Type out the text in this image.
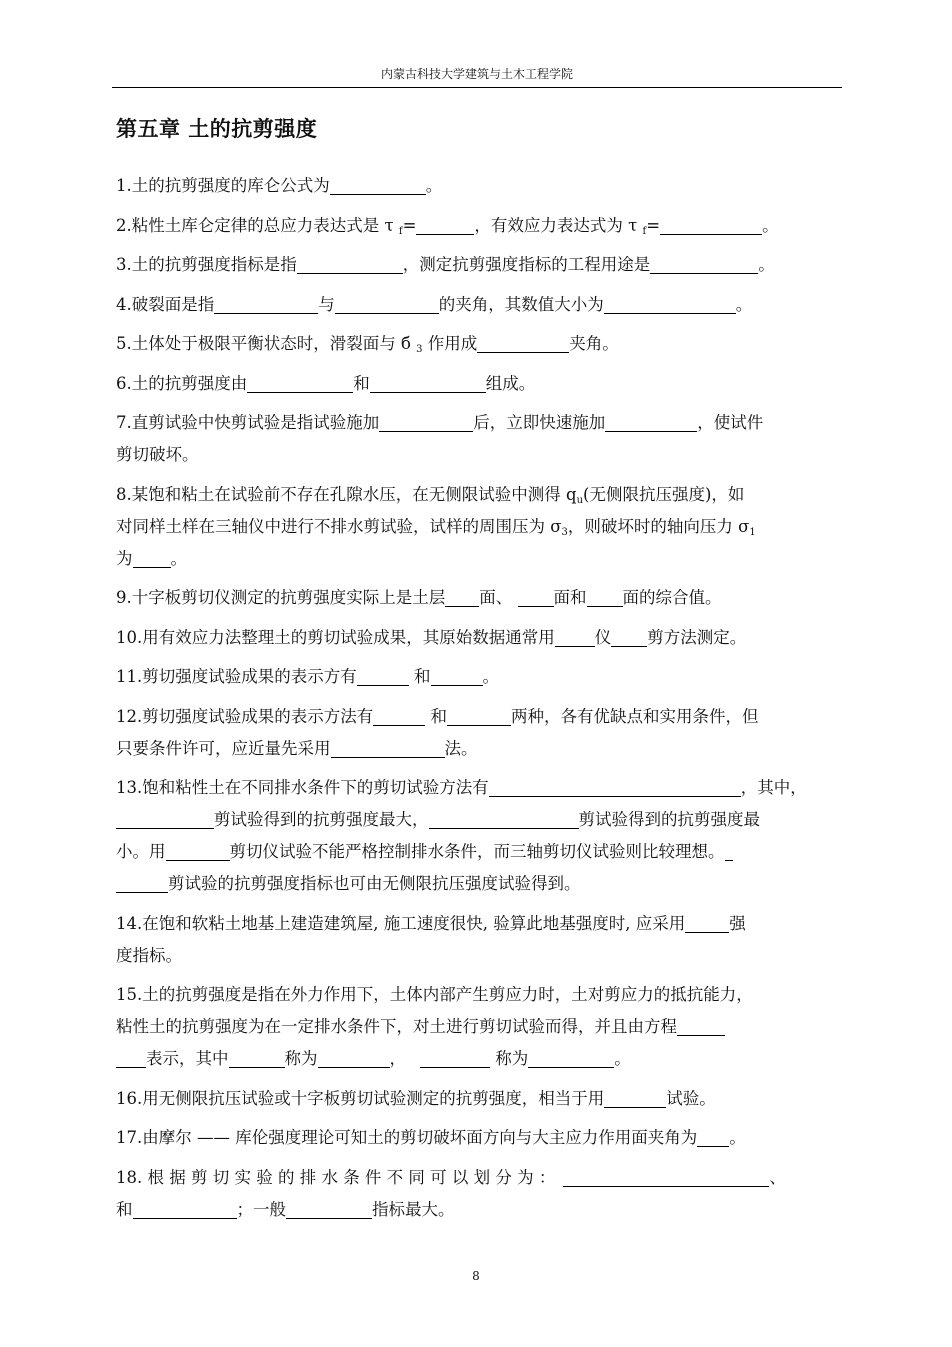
内蒙古科技大学建筑与土木工程学院
第五章 土的抗剪强度
1.土的抗剪强度的库仑公式为	。
2.粘性土库仑定律的总应力表达式是 τ $_f$=	，有效应力表达式为 τ $_f$=	。
3.土的抗剪强度指标是指	，测定抗剪强度指标的工程用途是	。
4.破裂面是指	与	的夹角，其数值大小为	。
5.土体处于极限平衡状态时，滑裂面与 б $_3$ 作用成	夹角。
6.土的抗剪强度由	和	组成。
7.直剪试验中快剪试验是指试验施加	后，立即快速施加	，使试件
剪切破坏。
8.某饱和粘土在试验前不存在孔隙水压，在无侧限试验中测得 $q_u$(无侧限抗压强度)，如
对同样土样在三轴仪中进行不排水剪试验，试样的周围压为 $\sigma_3$，则破坏时的轴向压力 $\sigma_1$
为 。
9.十字板剪切仪测定的抗剪强度实际上是土层 面、 面和 面的综合值。
10.用有效应力法整理土的剪切试验成果，其原始数据通常用 仪 剪方法测定。
11.剪切强度试验成果的表示方有	和	。
12.剪切强度试验成果的表示方法有	和	两种，各有优缺点和实用条件，但
只要条件许可，应近量先采用	法。
13.饱和粘性土在不同排水条件下的剪切试验方法有	，其中，
剪试验得到的抗剪强度最大，	剪试验得到的抗剪强度最
小。用	剪切仪试验不能严格控制排水条件，而三轴剪切仪试验则比较理想。
剪试验的抗剪强度指标也可由无侧限抗压强度试验得到。
14.在饱和软粘土地基上建造建筑屋, 施工速度很快, 验算此地基强度时, 应采用	强
度指标。
15.土的抗剪强度是指在外力作用下，土体内部产生剪应力时，土对剪应力的抵抗能力，
粘性土的抗剪强度为在一定排水条件下，对土进行剪切试验而得，并且由方程
表示，其中	称为	，	称为	。
16.用无侧限抗压试验或十字板剪切试验测定的抗剪强度，相当于用	试验。
17.由摩尔 —— 库伦强度理论可知土的剪切破坏面方向与大主应力作用面夹角为 。
18. 根 据 剪 切 实 验 的 排 水 条 件 不 同 可 以 划 分 为 ：	、
和	；一般	指标最大。
8
